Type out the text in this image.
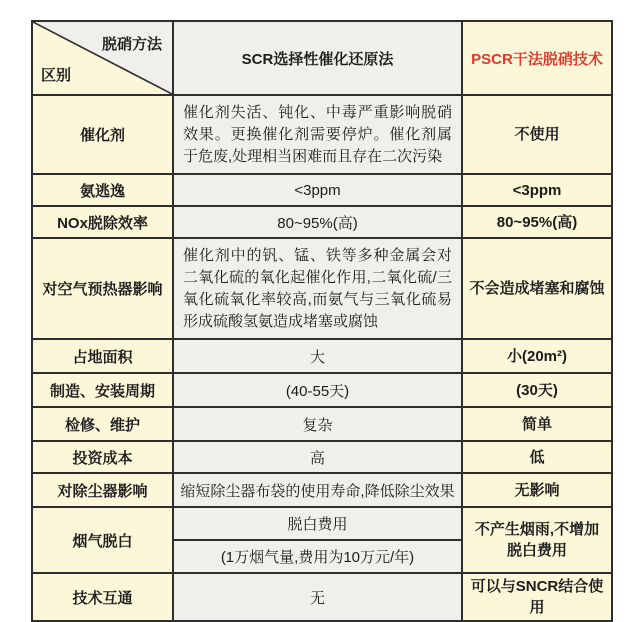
脱硝方法
区别	SCR选择性催化还原法	PSCR干法脱硝技术
催化剂	催化剂失活、钝化、中毒严重影响脱硝效果。更换催化剂需要停炉。催化剂属于危废,处理相当困难而且存在二次污染	不使用
氨逃逸	<3ppm	<3ppm
NOx脱除效率	80~95%(高)	80~95%(高)
对空气预热器影响	催化剂中的钒、锰、铁等多种金属会对二氧化硫的氧化起催化作用,二氧化硫/三氧化硫氧化率较高,而氨气与三氧化硫易形成硫酸氢氨造成堵塞或腐蚀	不会造成堵塞和腐蚀
占地面积	大	小(20m²)
制造、安装周期	(40-55天)	(30天)
检修、维护	复杂	简单
投资成本	高	低
对除尘器影响	缩短除尘器布袋的使用寿命,降低除尘效果	无影响
烟气脱白	脱白费用	不产生烟雨,不增加脱白费用
	(1万烟气量,费用为10万元/年)	
技术互通	无	可以与SNCR结合使用
